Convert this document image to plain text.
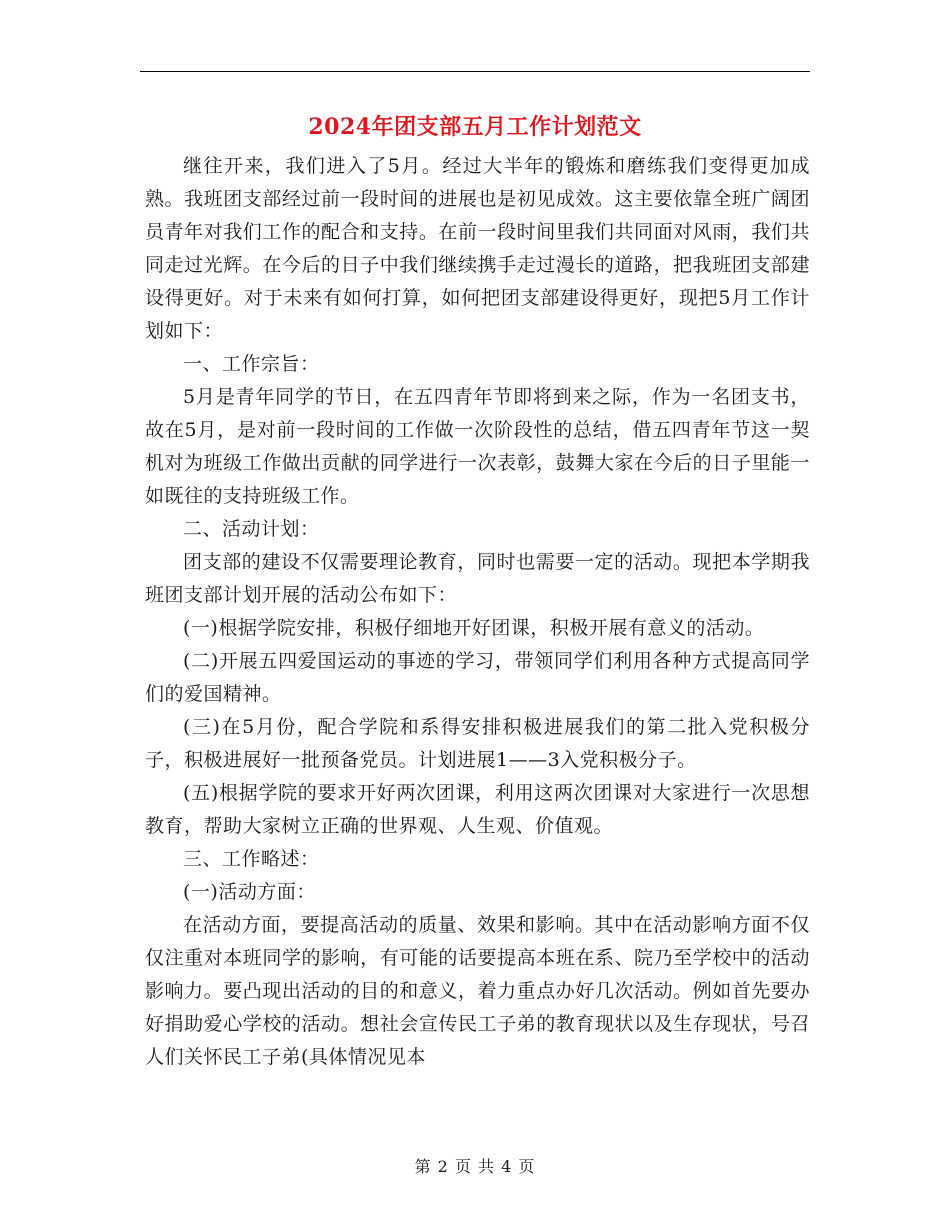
2024年团支部五月工作计划范文

继往开来，我们进入了5月。经过大半年的锻炼和磨练我们变得更加成熟。我班团支部经过前一段时间的进展也是初见成效。这主要依靠全班广阔团员青年对我们工作的配合和支持。在前一段时间里我们共同面对风雨，我们共同走过光辉。在今后的日子中我们继续携手走过漫长的道路，把我班团支部建设得更好。对于未来有如何打算，如何把团支部建设得更好，现把5月工作计划如下：

一、工作宗旨：

5月是青年同学的节日，在五四青年节即将到来之际，作为一名团支书，故在5月，是对前一段时间的工作做一次阶段性的总结，借五四青年节这一契机对为班级工作做出贡献的同学进行一次表彰，鼓舞大家在今后的日子里能一如既往的支持班级工作。

二、活动计划：

团支部的建设不仅需要理论教育，同时也需要一定的活动。现把本学期我班团支部计划开展的活动公布如下：

(一)根据学院安排，积极仔细地开好团课，积极开展有意义的活动。

(二)开展五四爱国运动的事迹的学习，带领同学们利用各种方式提高同学们的爱国精神。

(三)在5月份，配合学院和系得安排积极进展我们的第二批入党积极分子，积极进展好一批预备党员。计划进展1——3入党积极分子。

(五)根据学院的要求开好两次团课，利用这两次团课对大家进行一次思想教育，帮助大家树立正确的世界观、人生观、价值观。

三、工作略述：

(一)活动方面：

在活动方面，要提高活动的质量、效果和影响。其中在活动影响方面不仅仅注重对本班同学的影响，有可能的话要提高本班在系、院乃至学校中的活动影响力。要凸现出活动的目的和意义，着力重点办好几次活动。例如首先要办好捐助爱心学校的活动。想社会宣传民工子弟的教育现状以及生存现状，号召人们关怀民工子弟(具体情况见本

第 2 页 共 4 页
